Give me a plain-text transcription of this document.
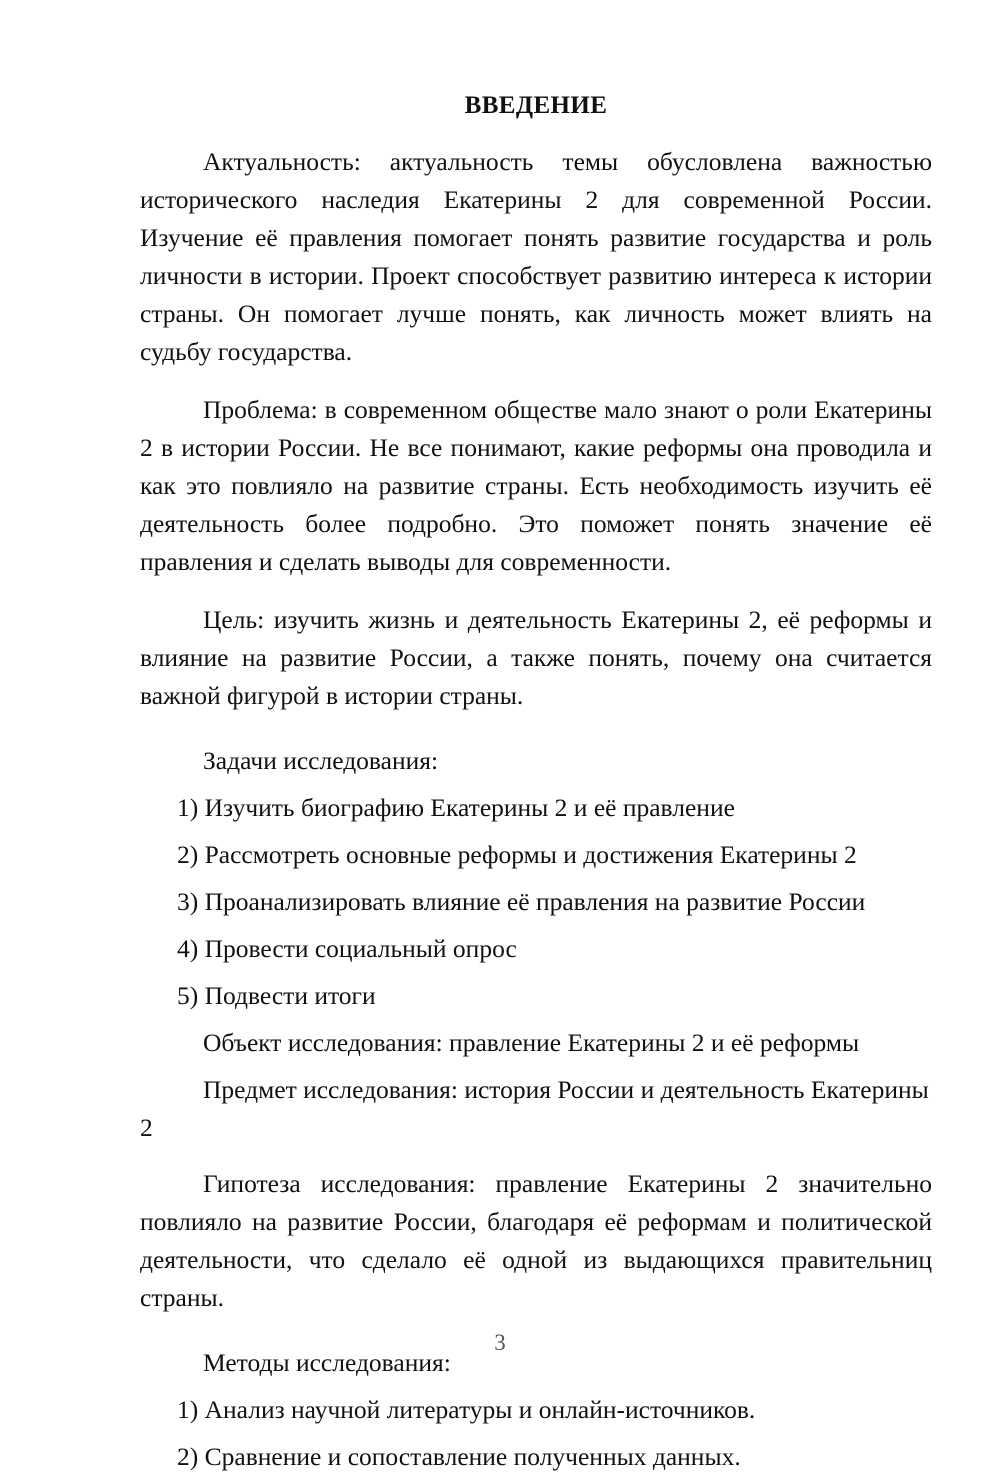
ВВЕДЕНИЕ

Актуальность: актуальность темы обусловлена важностью исторического наследия Екатерины 2 для современной России. Изучение её правления помогает понять развитие государства и роль личности в истории. Проект способствует развитию интереса к истории страны. Он помогает лучше понять, как личность может влиять на судьбу государства.

Проблема: в современном обществе мало знают о роли Екатерины 2 в истории России. Не все понимают, какие реформы она проводила и как это повлияло на развитие страны. Есть необходимость изучить её деятельность более подробно. Это поможет понять значение её правления и сделать выводы для современности.

Цель: изучить жизнь и деятельность Екатерины 2, её реформы и влияние на развитие России, а также понять, почему она считается важной фигурой в истории страны.

Задачи исследования:

1) Изучить биографию Екатерины 2 и её правление
2) Рассмотреть основные реформы и достижения Екатерины 2
3) Проанализировать влияние её правления на развитие России
4) Провести социальный опрос
5) Подвести итоги

Объект исследования: правление Екатерины 2 и её реформы

Предмет исследования: история России и деятельность Екатерины 2

Гипотеза исследования: правление Екатерины 2 значительно повлияло на развитие России, благодаря её реформам и политической деятельности, что сделало её одной из выдающихся правительниц страны.

Методы исследования:

1) Анализ научной литературы и онлайн-источников.
2) Сравнение и сопоставление полученных данных.
3
